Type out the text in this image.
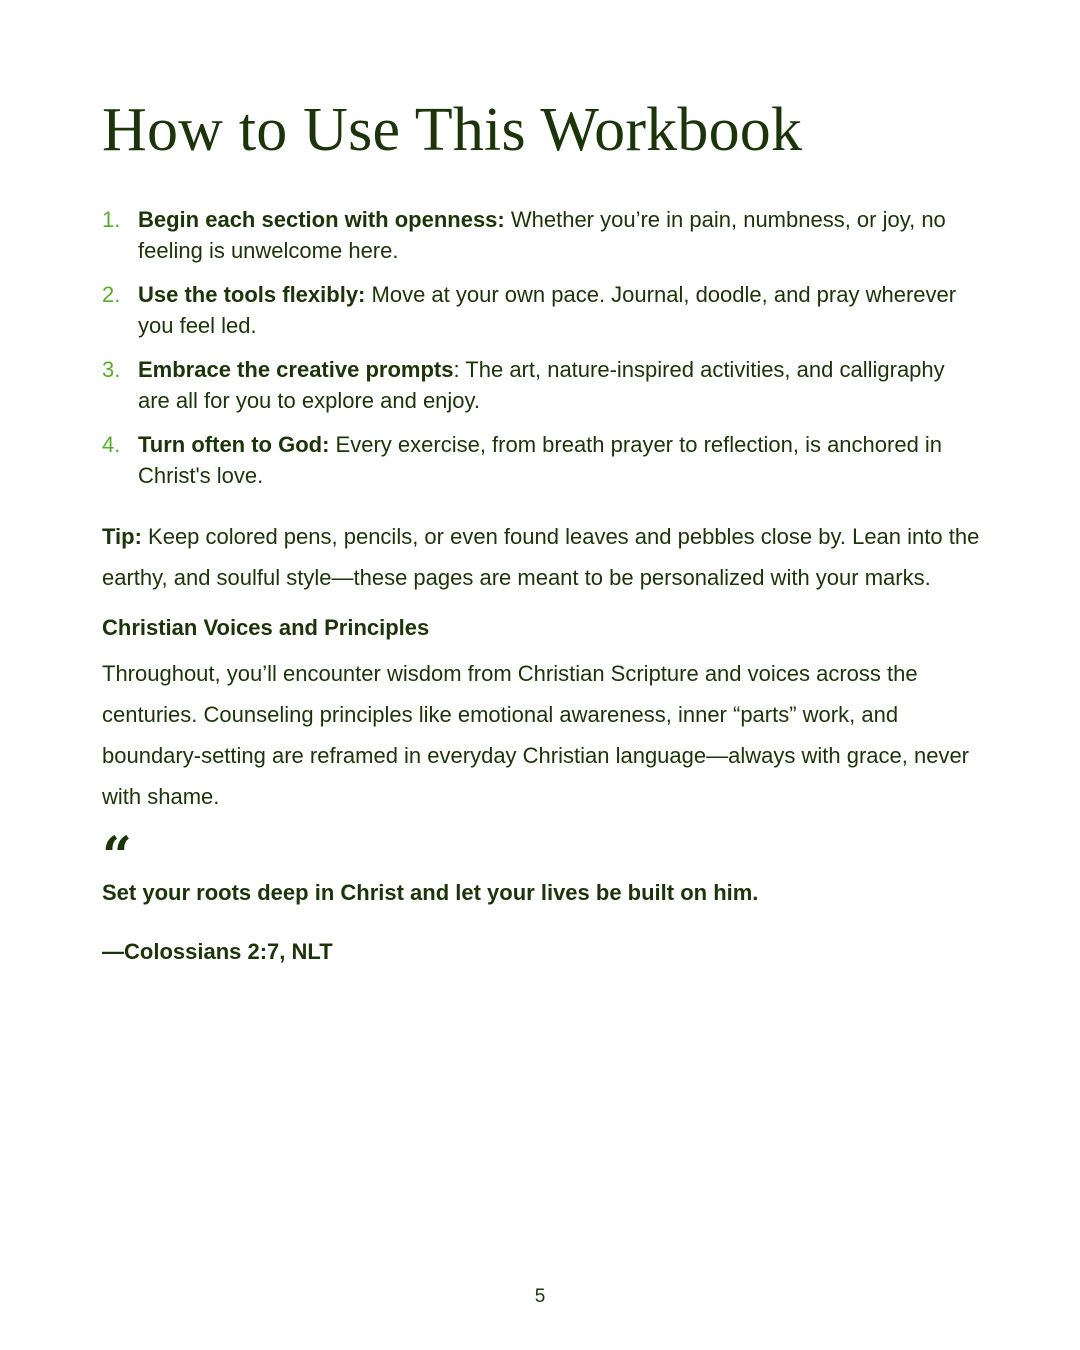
How to Use This Workbook
1. Begin each section with openness: Whether you’re in pain, numbness, or joy, no feeling is unwelcome here.
2. Use the tools flexibly: Move at your own pace. Journal, doodle, and pray wherever you feel led.
3. Embrace the creative prompts: The art, nature-inspired activities, and calligraphy are all for you to explore and enjoy.
4. Turn often to God: Every exercise, from breath prayer to reflection, is anchored in Christ's love.

Tip: Keep colored pens, pencils, or even found leaves and pebbles close by. Lean into the earthy, and soulful style—these pages are meant to be personalized with your marks.

Christian Voices and Principles

Throughout, you’ll encounter wisdom from Christian Scripture and voices across the centuries. Counseling principles like emotional awareness, inner “parts” work, and boundary-setting are reframed in everyday Christian language—always with grace, never with shame.

“

Set your roots deep in Christ and let your lives be built on him.

—Colossians 2:7, NLT

5
